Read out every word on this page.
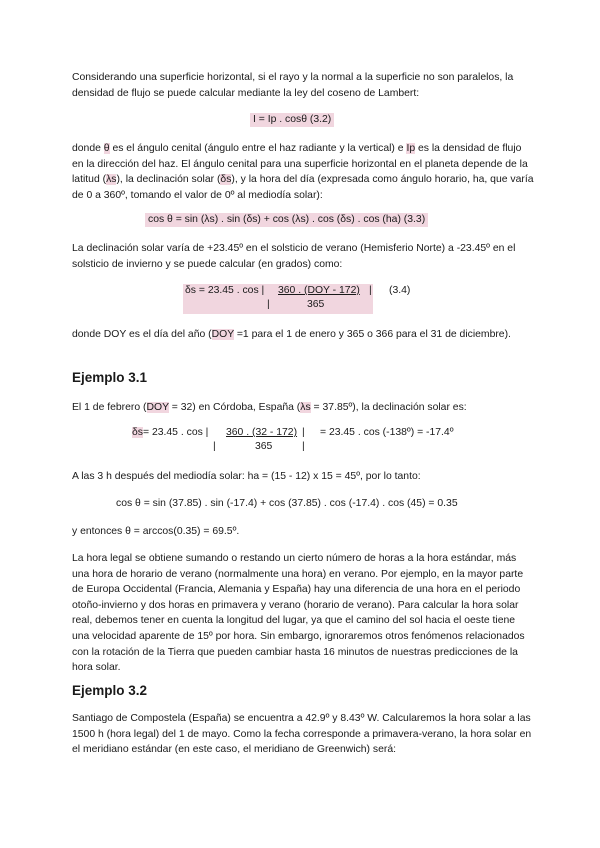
Considerando una superficie horizontal, si el rayo y la normal a la superficie no son paralelos, la densidad de flujo se puede calcular mediante la ley del coseno de Lambert:

I = Ip . cosθ (3.2)

donde θ es el ángulo cenital (ángulo entre el haz radiante y la vertical) e Ip es la densidad de flujo en la dirección del haz. El ángulo cenital para una superficie horizontal en el planeta depende de la latitud (λs), la declinación solar (δs), y la hora del día (expresada como ángulo horario, ha, que varía de 0 a 360º, tomando el valor de 0º al mediodía solar):

cos θ = sin (λs) . sin (δs) + cos (λs) . cos (δs) . cos (ha) (3.3)

La declinación solar varía de +23.45º en el solsticio de verano (Hemisferio Norte) a -23.45º en el solsticio de invierno y se puede calcular (en grados) como:

δs = 23.45 . cos | 360 . (DOY - 172) | (3.4)
|	365

donde DOY es el día del año (DOY =1 para el 1 de enero y 365 o 366 para el 31 de diciembre).

Ejemplo 3.1

El 1 de febrero (DOY = 32) en Córdoba, España (λs = 37.85º), la declinación solar es:

δs = 23.45 . cos | 360 . (32 - 172) | = 23.45 . cos (-138º) = -17.4º
|	365	|

A las 3 h después del mediodía solar: ha = (15 - 12) x 15 = 45º, por lo tanto:

cos θ = sin (37.85) . sin (-17.4) + cos (37.85) . cos (-17.4) . cos (45) = 0.35

y entonces θ = arccos(0.35) = 69.5º.

La hora legal se obtiene sumando o restando un cierto número de horas a la hora estándar, más una hora de horario de verano (normalmente una hora) en verano. Por ejemplo, en la mayor parte de Europa Occidental (Francia, Alemania y España) hay una diferencia de una hora en el periodo otoño-invierno y dos horas en primavera y verano (horario de verano). Para calcular la hora solar real, debemos tener en cuenta la longitud del lugar, ya que el camino del sol hacia el oeste tiene una velocidad aparente de 15º por hora. Sin embargo, ignoraremos otros fenómenos relacionados con la rotación de la Tierra que pueden cambiar hasta 16 minutos de nuestras predicciones de la hora solar.

Ejemplo 3.2

Santiago de Compostela (España) se encuentra a 42.9º y 8.43º W. Calcularemos la hora solar a las 1500 h (hora legal) del 1 de mayo. Como la fecha corresponde a primavera-verano, la hora solar en el meridiano estándar (en este caso, el meridiano de Greenwich) será:
